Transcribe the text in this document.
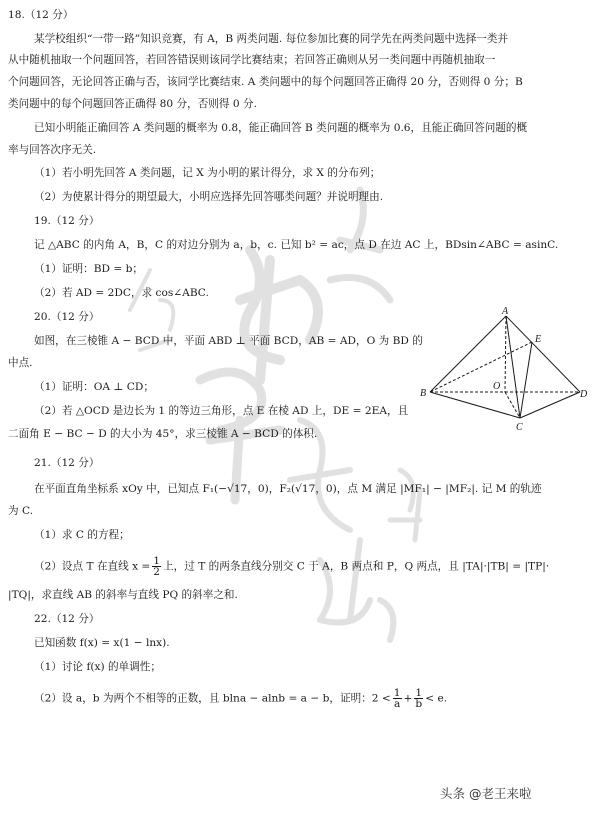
18.（12 分）
某学校组织“一带一路”知识竞赛，有 A，B 两类问题. 每位参加比赛的同学先在两类问题中选择一类并
从中随机抽取一个问题回答，若回答错误则该同学比赛结束；若回答正确则从另一类问题中再随机抽取一
个问题回答，无论回答正确与否，该同学比赛结束. A 类问题中的每个问题回答正确得 20 分，否则得 0 分；B
类问题中的每个问题回答正确得 80 分，否则得 0 分.
已知小明能正确回答 A 类问题的概率为 0.8，能正确回答 B 类问题的概率为 0.6，且能正确回答问题的概
率与回答次序无关.
（1）若小明先回答 A 类问题，记 X 为小明的累计得分，求 X 的分布列；
（2）为使累计得分的期望最大，小明应选择先回答哪类问题？并说明理由.
19.（12 分）
记 △ABC 的内角 A，B，C 的对边分别为 a，b，c. 已知 b² = ac，点 D 在边 AC 上，BDsin∠ABC = asinC.
（1）证明：BD = b；
（2）若 AD = 2DC，求 cos∠ABC.
20.（12 分）
如图，在三棱锥 A − BCD 中，平面 ABD ⊥ 平面 BCD，AB = AD，O 为 BD 的
中点.
（1）证明：OA ⊥ CD；
（2）若 △OCD 是边长为 1 的等边三角形，点 E 在棱 AD 上，DE = 2EA，且
二面角 E − BC − D 的大小为 45°，求三棱锥 A − BCD 的体积.
A
E
O
B	D
C
21.（12 分）
在平面直角坐标系 xOy 中，已知点 F₁(−√17，0)，F₂(√17，0)，点 M 满足 |MF₁| − |MF₂|. 记 M 的轨迹
为 C.
（1）求 C 的方程；
（2）设点 T 在直线 $x = \frac{1}{2}$ 上，过 T 的两条直线分别交 C 于 A，B 两点和 P，Q 两点，且 |TA|·|TB| = |TP|·
|TQ|，求直线 AB 的斜率与直线 PQ 的斜率之和.
22.（12 分）
已知函数 f(x) = x(1 − lnx).
（1）讨论 f(x) 的单调性；
（2）设 a，b 为两个不相等的正数，且 blna − alnb = a − b，证明：$2 < \frac{1}{a} + \frac{1}{b} < e$.
头条 @老王来啦
